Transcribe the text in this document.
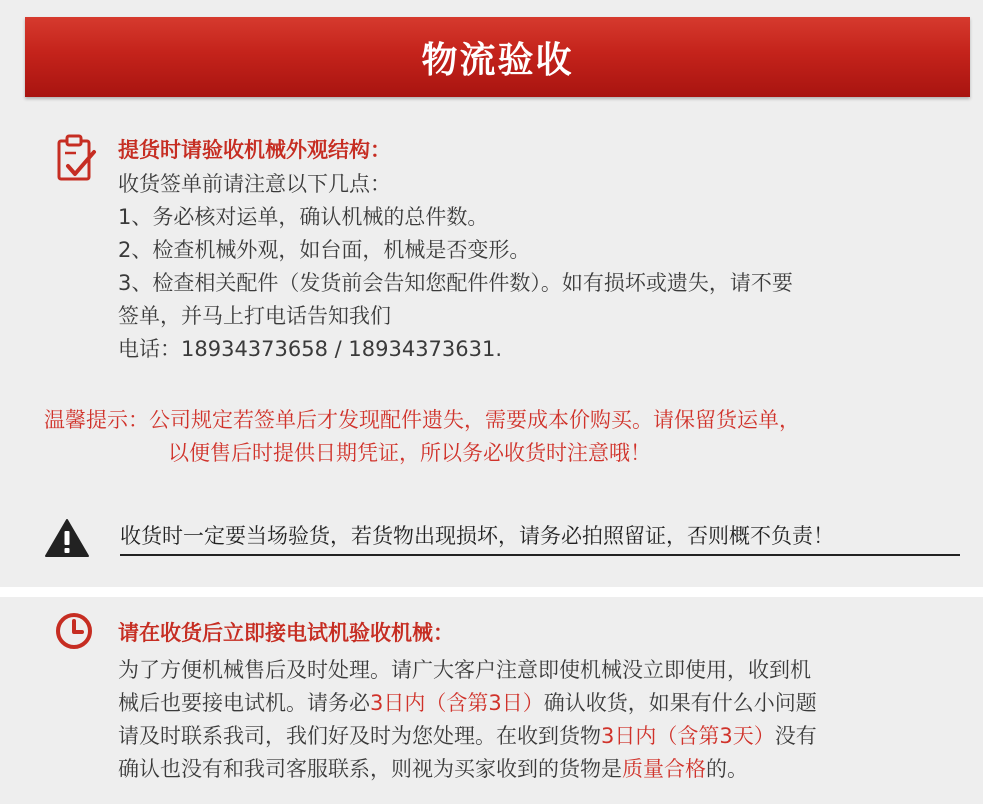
物流验收
提货时请验收机械外观结构：
收货签单前请注意以下几点：
1、务必核对运单，确认机械的总件数。
2、检查机械外观，如台面，机械是否变形。
3、检查相关配件（发货前会告知您配件件数）。如有损坏或遗失，请不要
签单，并马上打电话告知我们
电话：18934373658 / 18934373631.
温馨提示：公司规定若签单后才发现配件遗失，需要成本价购买。请保留货运单，
以便售后时提供日期凭证，所以务必收货时注意哦！
收货时一定要当场验货，若货物出现损坏，请务必拍照留证，否则概不负责！
请在收货后立即接电试机验收机械：
为了方便机械售后及时处理。请广大客户注意即使机械没立即使用，收到机
械后也要接电试机。请务必3日内（含第3日）确认收货，如果有什么小问题
请及时联系我司，我们好及时为您处理。在收到货物3日内（含第3天）没有
确认也没有和我司客服联系，则视为买家收到的货物是质量合格的。
